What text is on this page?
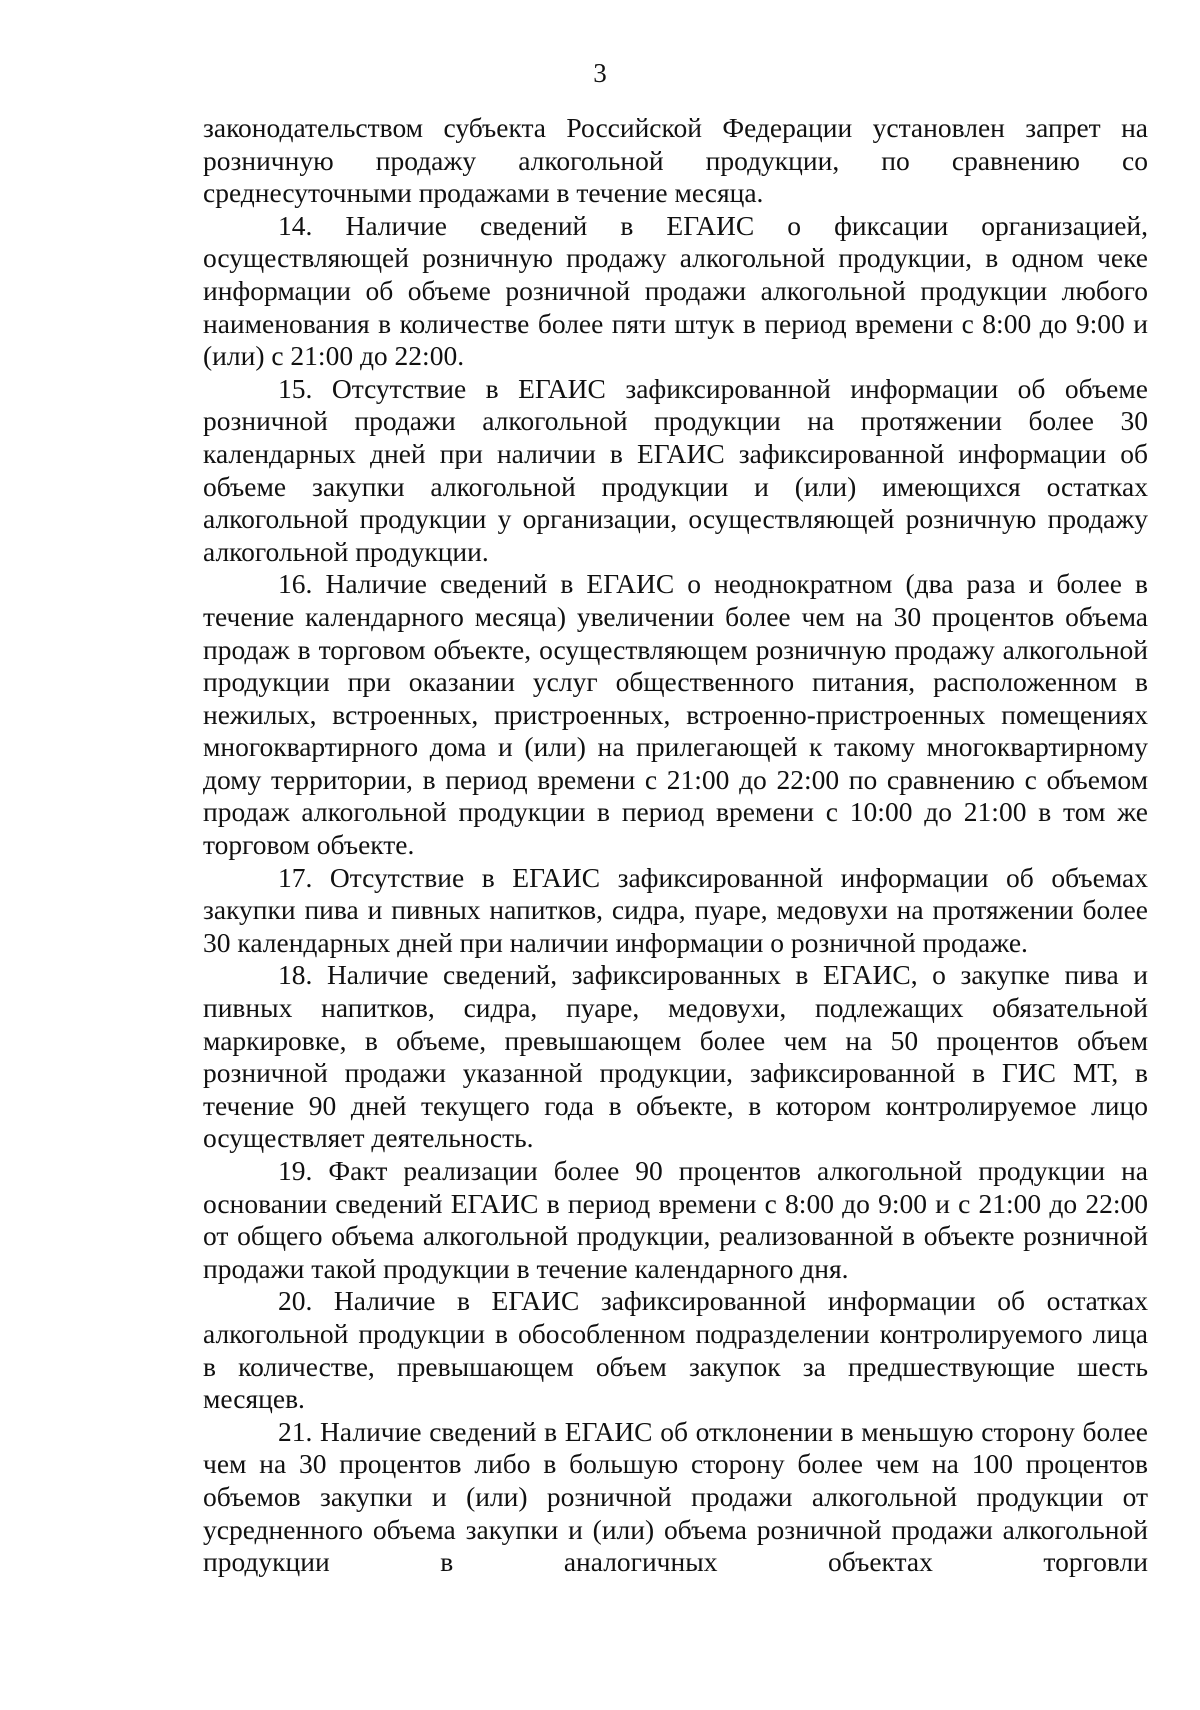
3

законодательством субъекта Российской Федерации установлен запрет на розничную продажу алкогольной продукции, по сравнению со среднесуточными продажами в течение месяца.

14. Наличие сведений в ЕГАИС о фиксации организацией, осуществляющей розничную продажу алкогольной продукции, в одном чеке информации об объеме розничной продажи алкогольной продукции любого наименования в количестве более пяти штук в период времени с 8:00 до 9:00 и (или) с 21:00 до 22:00.

15. Отсутствие в ЕГАИС зафиксированной информации об объеме розничной продажи алкогольной продукции на протяжении более 30 календарных дней при наличии в ЕГАИС зафиксированной информации об объеме закупки алкогольной продукции и (или) имеющихся остатках алкогольной продукции у организации, осуществляющей розничную продажу алкогольной продукции.

16. Наличие сведений в ЕГАИС о неоднократном (два раза и более в течение календарного месяца) увеличении более чем на 30 процентов объема продаж в торговом объекте, осуществляющем розничную продажу алкогольной продукции при оказании услуг общественного питания, расположенном в нежилых, встроенных, пристроенных, встроенно-пристроенных помещениях многоквартирного дома и (или) на прилегающей к такому многоквартирному дому территории, в период времени с 21:00 до 22:00 по сравнению с объемом продаж алкогольной продукции в период времени с 10:00 до 21:00 в том же торговом объекте.

17. Отсутствие в ЕГАИС зафиксированной информации об объемах закупки пива и пивных напитков, сидра, пуаре, медовухи на протяжении более 30 календарных дней при наличии информации о розничной продаже.

18. Наличие сведений, зафиксированных в ЕГАИС, о закупке пива и пивных напитков, сидра, пуаре, медовухи, подлежащих обязательной маркировке, в объеме, превышающем более чем на 50 процентов объем розничной продажи указанной продукции, зафиксированной в ГИС МТ, в течение 90 дней текущего года в объекте, в котором контролируемое лицо осуществляет деятельность.

19. Факт реализации более 90 процентов алкогольной продукции на основании сведений ЕГАИС в период времени с 8:00 до 9:00 и с 21:00 до 22:00 от общего объема алкогольной продукции, реализованной в объекте розничной продажи такой продукции в течение календарного дня.

20. Наличие в ЕГАИС зафиксированной информации об остатках алкогольной продукции в обособленном подразделении контролируемого лица в количестве, превышающем объем закупок за предшествующие шесть месяцев.

21. Наличие сведений в ЕГАИС об отклонении в меньшую сторону более чем на 30 процентов либо в большую сторону более чем на 100 процентов объемов закупки и (или) розничной продажи алкогольной продукции от усредненного объема закупки и (или) объема розничной продажи алкогольной продукции в аналогичных объектах торговли
